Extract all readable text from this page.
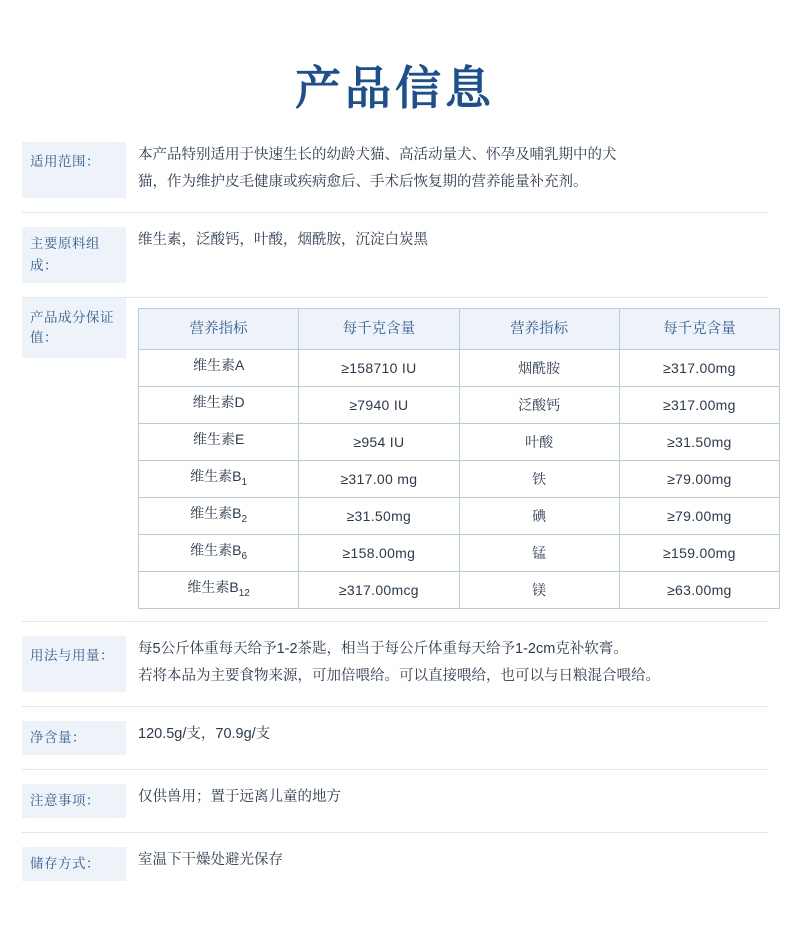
产品信息
适用范围：	本产品特别适用于快速生长的幼龄犬猫、高活动量犬、怀孕及哺乳期中的犬

猫，作为维护皮毛健康或疾病愈后、手术后恢复期的营养能量补充剂。

主要原料组成：
维生素，泛酸钙，叶酸，烟酰胺，沉淀白炭黑
产品成分保证值：
营养指标	每千克含量	营养指标	每千克含量
维生素A	≥158710 IU	烟酰胺	≥317.00mg
维生素D	≥7940 IU	泛酸钙	≥317.00mg
维生素E	≥954 IU	叶酸	≥31.50mg
维生素$B_1$	≥317.00 mg	铁	≥79.00mg
维生素$B_2$	≥31.50mg	碘	≥79.00mg
维生素$B_6$	≥158.00mg	锰	≥159.00mg
维生素$B_{12}$	≥317.00mcg	镁	≥63.00mg
用法与用量：	每5公斤体重每天给予1-2茶匙，相当于每公斤体重每天给予1-2cm克补软膏。

若将本品为主要食物来源，可加倍喂给。可以直接喂给，也可以与日粮混合喂给。

净含量：	120.5g/支，70.9g/支
注意事项：	仅供兽用；置于远离儿童的地方
储存方式：	室温下干燥处避光保存
